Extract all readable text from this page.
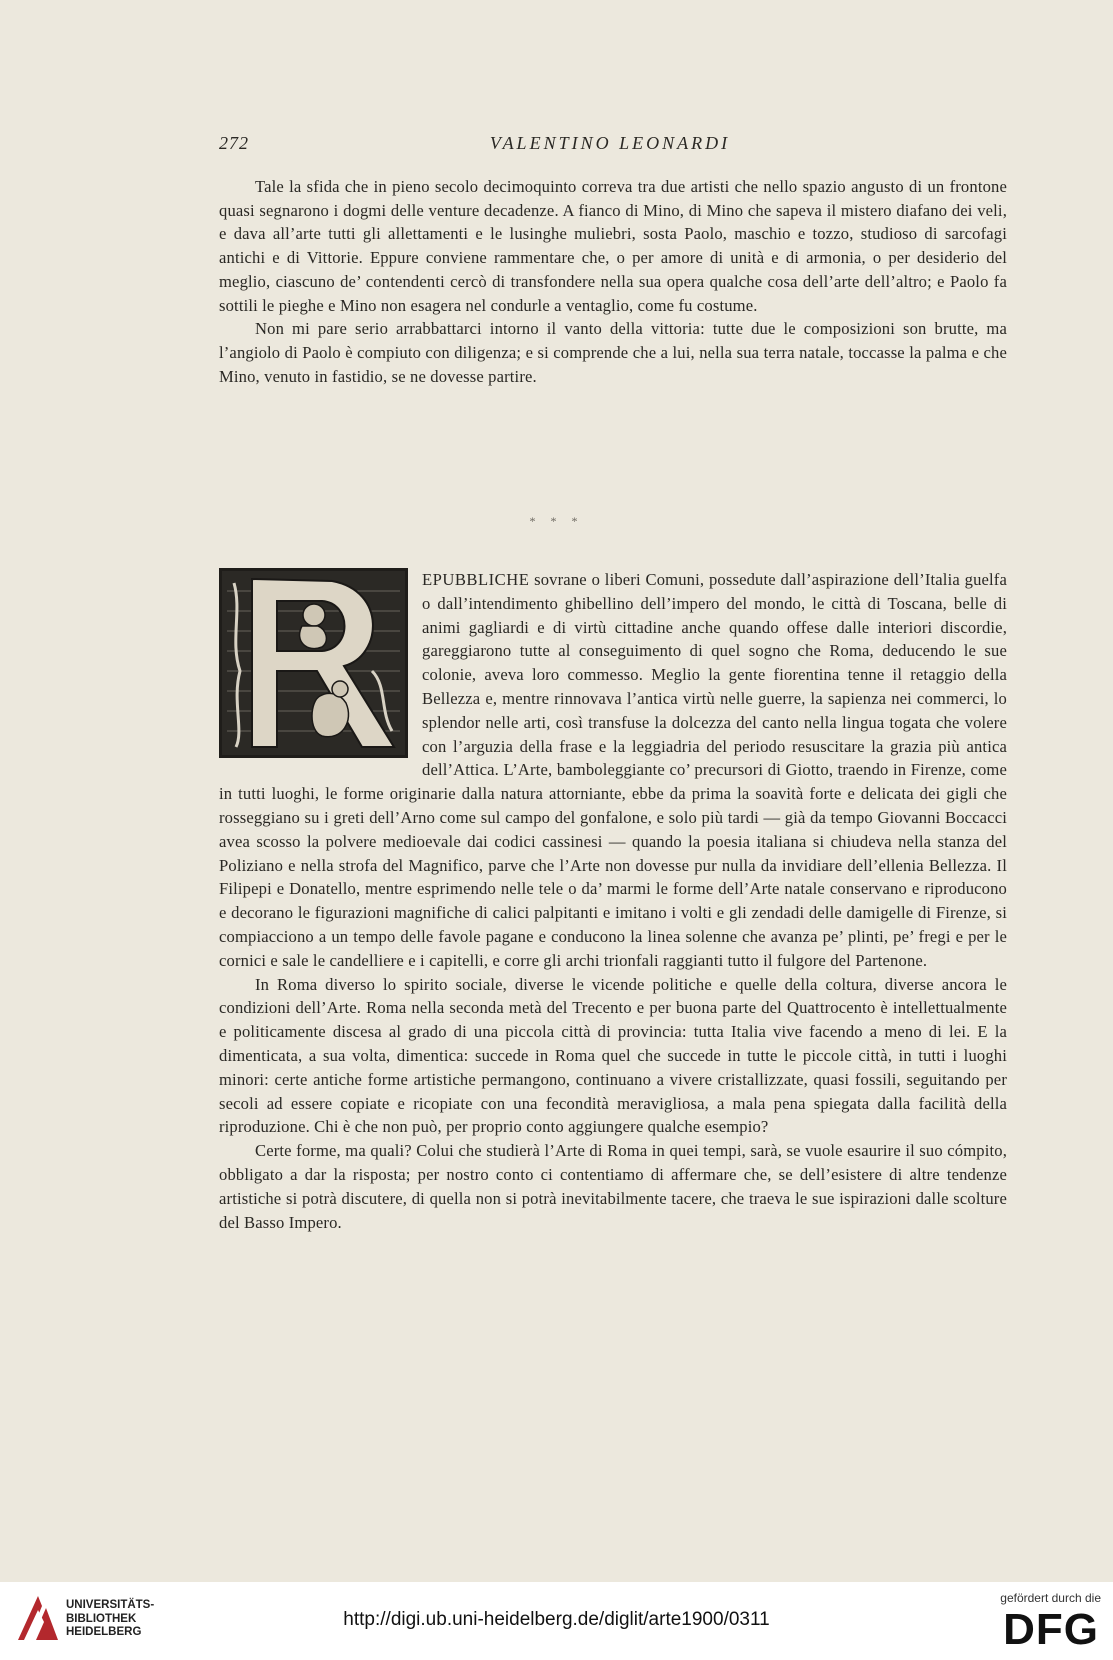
272	VALENTINO LEONARDI

Tale la sfida che in pieno secolo decimoquinto correva tra due artisti che nello spazio angusto di un frontone quasi segnarono i dogmi delle venture decadenze. A fianco di Mino, di Mino che sapeva il mistero diafano dei veli, e dava all’arte tutti gli allettamenti e le lusinghe muliebri, sosta Paolo, maschio e tozzo, studioso di sarcofagi antichi e di Vittorie. Eppure conviene rammentare che, o per amore di unità e di armonia, o per desiderio del meglio, ciascuno de’ contendenti cercò di transfondere nella sua opera qualche cosa dell’arte dell’altro; e Paolo fa sottili le pieghe e Mino non esagera nel condurle a ventaglio, come fu costume.

Non mi pare serio arrabbattarci intorno il vanto della vittoria: tutte due le composizioni son brutte, ma l’angiolo di Paolo è compiuto con diligenza; e si comprende che a lui, nella sua terra natale, toccasse la palma e che Mino, venuto in fastidio, se ne dovesse partire.

* * *

EPUBBLICHE sovrane o liberi Comuni, possedute dall’aspirazione dell’Italia guelfa o dall’intendimento ghibellino dell’impero del mondo, le città di Toscana, belle di animi gagliardi e di virtù cittadine anche quando offese dalle interiori discordie, gareggiarono tutte al conseguimento di quel sogno che Roma, deducendo le sue colonie, aveva loro commesso. Meglio la gente fiorentina tenne il retaggio della Bellezza e, mentre rinnovava l’antica virtù nelle guerre, la sapienza nei commerci, lo splendor nelle arti, così transfuse la dolcezza del canto nella lingua togata che volere con l’arguzia della frase e la leggiadria del periodo resuscitare la grazia più antica dell’Attica. L’Arte, bamboleggiante co’ precursori di Giotto, traendo in Firenze, come in tutti luoghi, le forme originarie dalla natura attorniante, ebbe da prima la soavità forte e delicata dei gigli che rosseggiano su i greti dell’Arno come sul campo del gonfalone, e solo più tardi — già da tempo Giovanni Boccacci avea scosso la polvere medioevale dai codici cassinesi — quando la poesia italiana si chiudeva nella stanza del Poliziano e nella strofa del Magnifico, parve che l’Arte non dovesse pur nulla da invidiare dell’ellenia Bellezza. Il Filipepi e Donatello, mentre esprimendo nelle tele o da’ marmi le forme dell’Arte natale conservano e riproducono e decorano le figurazioni magnifiche di calici palpitanti e imitano i volti e gli zendadi delle damigelle di Firenze, si compiacciono a un tempo delle favole pagane e conducono la linea solenne che avanza pe’ plinti, pe’ fregi e per le cornici e sale le candelliere e i capitelli, e corre gli archi trionfali raggianti tutto il fulgore del Partenone.

In Roma diverso lo spirito sociale, diverse le vicende politiche e quelle della coltura, diverse ancora le condizioni dell’Arte. Roma nella seconda metà del Trecento e per buona parte del Quattrocento è intellettualmente e politicamente discesa al grado di una piccola città di provincia: tutta Italia vive facendo a meno di lei. E la dimenticata, a sua volta, dimentica: succede in Roma quel che succede in tutte le piccole città, in tutti i luoghi minori: certe antiche forme artistiche permangono, continuano a vivere cristallizzate, quasi fossili, seguitando per secoli ad essere copiate e ricopiate con una fecondità meravigliosa, a mala pena spiegata dalla facilità della riproduzione. Chi è che non può, per proprio conto aggiungere qualche esempio?

Certe forme, ma quali? Colui che studierà l’Arte di Roma in quei tempi, sarà, se vuole esaurire il suo cómpito, obbligato a dar la risposta; per nostro conto ci contentiamo di affermare che, se dell’esistere di altre tendenze artistiche si potrà discutere, di quella non si potrà inevitabilmente tacere, che traeva le sue ispirazioni dalle scolture del Basso Impero.

UNIVERSITÄTS-
BIBLIOTHEK
HEIDELBERG
http://digi.ub.uni-heidelberg.de/diglit/arte1900/0311
gefördert durch die
DFG
